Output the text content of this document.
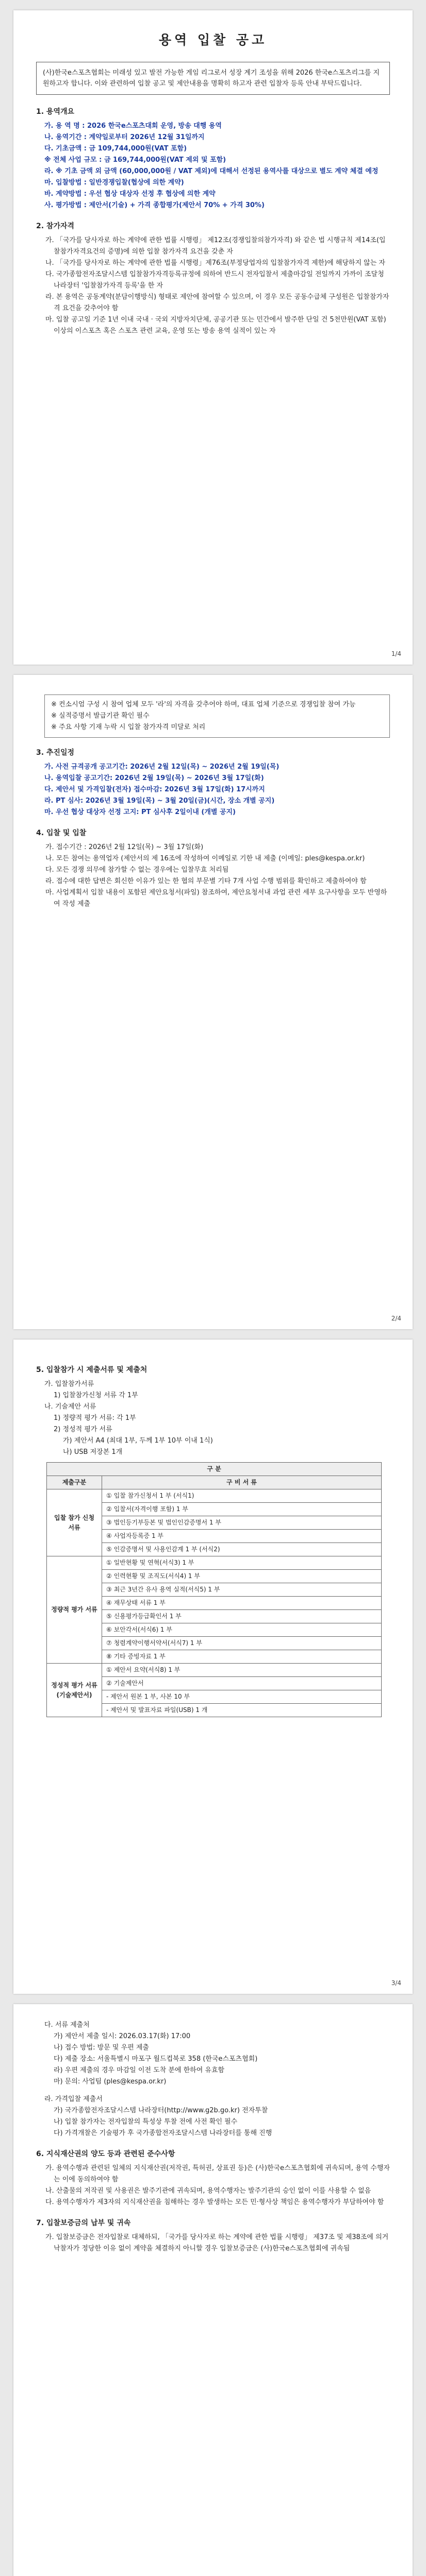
용역 입찰 공고
(사)한국e스포츠협회는 미래성 있고 발전 가능한 게임 리그로서 성장 계기 조성을 위해 2026 한국e스포츠리그를 지원하고자 합니다. 이와 관련하여 입찰 공고 및 제안내용을 명확히 하고자 관련 입찰자 등록 안내 부탁드립니다.
1. 용역개요
가. 용 역 명 : 2026 한국e스포츠대회 운영, 방송 대행 용역
나. 용역기간 : 계약일로부터 2026년 12월 31일까지
다. 기초금액 : 금 109,744,000원(VAT 포함)
※ 전체 사업 규모 : 금 169,744,000원(VAT 제외 및 포함)
라. ※ 기초 금액 외 금액 (60,000,000원 / VAT 제외)에 대해서 선정된 용역사를 대상으로 별도 계약 체결 예정
마. 입찰방법 : 일반경쟁입찰(협상에 의한 계약)
바. 계약방법 : 우선 협상 대상자 선정 후 협상에 의한 계약
사. 평가방법 : 제안서(기술) + 가격 종합평가(제안서 70% + 가격 30%)
2. 참가자격
가. 「국가를 당사자로 하는 계약에 관한 법률 시행령」 제12조(경쟁입찰의참가자격) 와 같은 법 시행규칙 제14조(입찰참가자격요건의 증명)에 의한 입찰 참가자격 요건을 갖춘 자
나. 「국가를 당사자로 하는 계약에 관한 법률 시행령」제76조(부정당업자의 입찰참가자격 제한)에 해당하지 않는 자
다. 국가종합전자조달시스템 입찰참가자격등록규정에 의하여 반드시 전자입찰서 제출마감일 전일까지 가까이 조달청 나라장터 '입찰참가자격 등록'을 한 자
라. 본 용역은 공동계약(분담이행방식) 형태로 제안에 참여할 수 있으며, 이 경우 모든 공동수급체 구성원은 입찰참가자격 요건을 갖추어야 함
마. 입찰 공고일 기준 1년 이내 국내 · 국외 지방자치단체, 공공기관 또는 민간에서 발주한 단일 건 5천만원(VAT 포함) 이상의 이스포츠 혹은 스포츠 관련 교육, 운영 또는 방송 용역 실적이 있는 자
1/4
※ 컨소시엄 구성 시 참여 업체 모두 '라'의 자격을 갖추어야 하며, 대표 업체 기준으로 경쟁입찰 참여 가능
※ 실적증명서 발급기관 확인 필수
※ 주요 사항 기재 누락 시 입찰 참가자격 미달로 처리
3. 추진일정
가. 사전 규격공개 공고기간: 2026년 2월 12일(목) ~ 2026년 2월 19일(목)
나. 용역입찰 공고기간: 2026년 2월 19일(목) ~ 2026년 3월 17일(화)
다. 제안서 및 가격입찰(전자) 접수마감: 2026년 3월 17일(화) 17시까지
라. PT 심사: 2026년 3월 19일(목) ~ 3월 20일(금)(시간, 장소 개별 공지)
마. 우선 협상 대상자 선정 고지: PT 심사후 2일이내 (개별 공지)
4. 입찰 및 입찰
가. 접수기간 : 2026년 2월 12일(목) ~ 3월 17일(화)
나. 모든 참여는 용역업자 (제안서의 제 16조에 작성하여 이메일로 기한 내 제출 (이메일: ples@kespa.or.kr)
다. 모든 경쟁 의무에 참가할 수 없는 경우에는 입찰무효 처리됨
라. 접수에 대한 답변은 회신한 이유가 있는 한 협의 부문별 기타 7개 사업 수행 범위를 확인하고 제출하여야 함
마. 사업계획서 입찰 내용이 포함된 제안요청서(파일) 참조하여, 제안요청서내 과업 관련 세부 요구사항을 모두 반영하여 작성 제출
2/4
5. 입찰참가 시 제출서류 및 제출처
가. 입찰참가서류
1) 입찰참가신청 서류 각 1부
나. 기술제안 서류
1) 정량적 평가 서류: 각 1부
2) 정성적 평가 서류
가) 제안서 A4 (최대 1부, 두께 1부 10부 이내 1식)
나) USB 저장본 1개
구 분	
제출구분	구 비 서 류
입찰 참가 신청 서류	① 입찰 참가신청서 1 부 (서식1)
	② 입찰서(자격이행 포함) 1 부
	③ 법인등기부등본 및 법인인감증명서 1 부
	④ 사업자등록증 1 부
	⑤ 인감증명서 및 사용인감계 1 부 (서식2)
정량적 평가 서류	① 일반현황 및 연혁(서식3) 1 부
	② 인력현황 및 조직도(서식4) 1 부
	③ 최근 3년간 유사 용역 실적(서식5) 1 부
	④ 재무상태 서류 1 부
	⑤ 신용평가등급확인서 1 부
	⑥ 보안각서(서식6) 1 부
	⑦ 청렴계약이행서약서(서식7) 1 부
	⑧ 기타 증빙자료 1 부
정성적 평가 서류 (기술제안서)	① 제안서 요약(서식8) 1 부
	② 기술제안서
	- 제안서 원본 1 부, 사본 10 부
	- 제안서 및 발표자료 파일(USB) 1 개
3/4
다. 서류 제출처
가) 제안서 제출 일시: 2026.03.17(화) 17:00
나) 접수 방법: 방문 및 우편 제출
다) 제출 장소: 서울특별시 마포구 월드컵북로 358 (한국e스포츠협회)
라) 우편 제출의 경우 마감일 이전 도착 분에 한하여 유효함
마) 문의: 사업팀 (ples@kespa.or.kr)
라. 가격입찰 제출서
가) 국가종합전자조달시스템 나라장터(http://www.g2b.go.kr) 전자투찰
나) 입찰 참가자는 전자입찰의 특성상 투찰 전에 사전 확인 필수
다) 가격개찰은 기술평가 후 국가종합전자조달시스템 나라장터를 통해 진행
6. 지식재산권의 양도 등과 관련된 준수사항
가. 용역수행과 관련된 일체의 지식재산권(저작권, 특허권, 상표권 등)은 (사)한국e스포츠협회에 귀속되며, 용역 수행자는 이에 동의하여야 함
나. 산출물의 저작권 및 사용권은 발주기관에 귀속되며, 용역수행자는 발주기관의 승인 없이 이를 사용할 수 없음
다. 용역수행자가 제3자의 지식재산권을 침해하는 경우 발생하는 모든 민·형사상 책임은 용역수행자가 부담하여야 함
7. 입찰보증금의 납부 및 귀속
가. 입찰보증금은 전자입찰로 대체하되, 「국가를 당사자로 하는 계약에 관한 법률 시행령」 제37조 및 제38조에 의거 낙찰자가 정당한 이유 없이 계약을 체결하지 아니할 경우 입찰보증금은 (사)한국e스포츠협회에 귀속됨
